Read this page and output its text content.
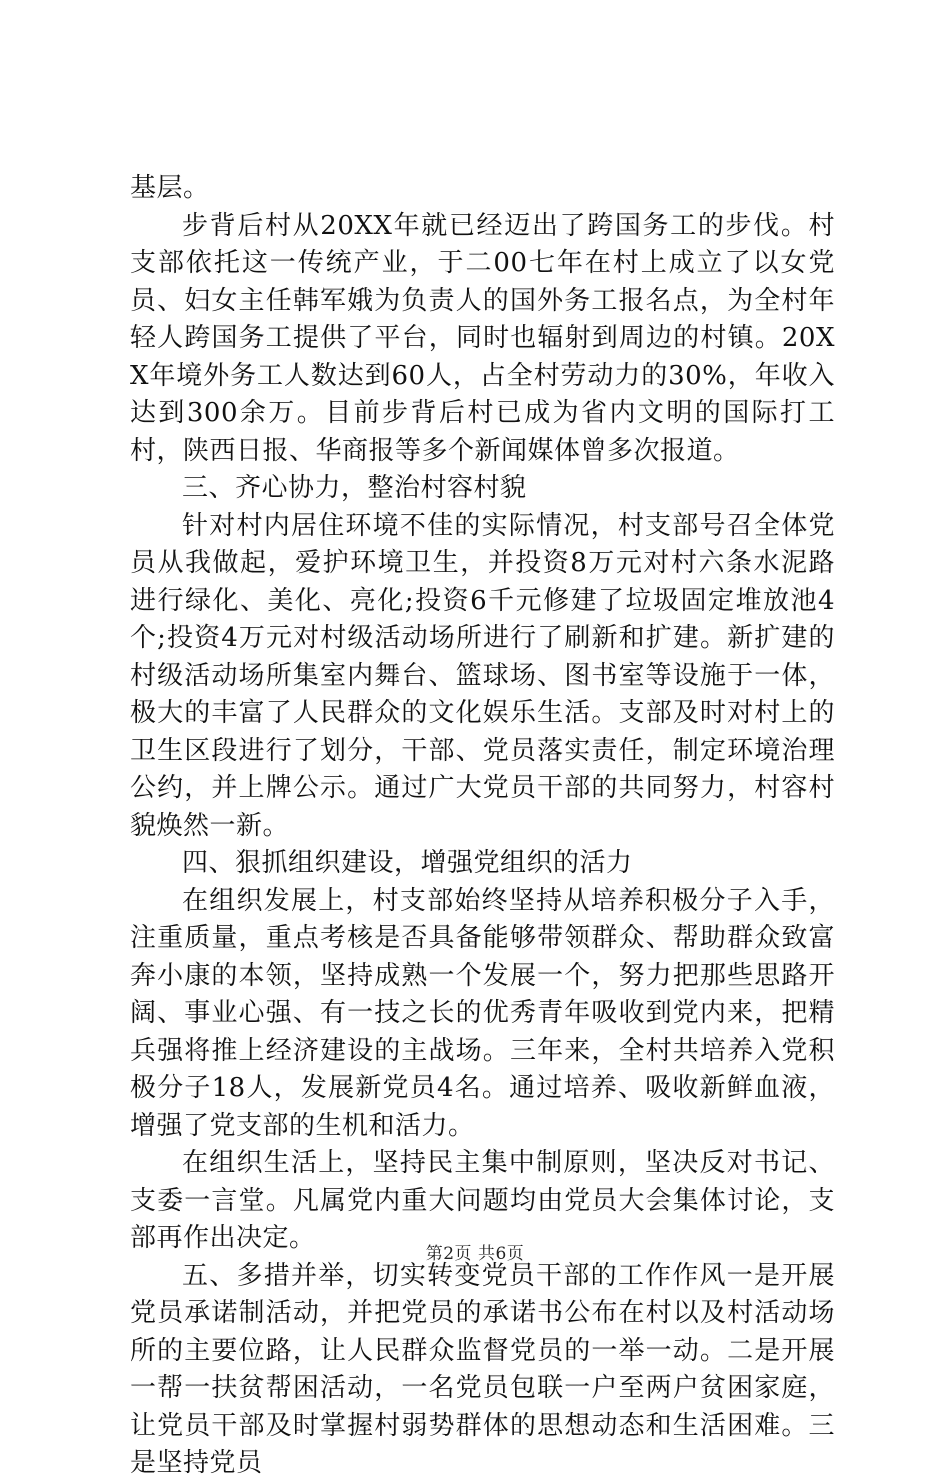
基层。

步背后村从20XX年就已经迈出了跨国务工的步伐。村支部依托这一传统产业，于二00七年在村上成立了以女党员、妇女主任韩军娥为负责人的国外务工报名点，为全村年轻人跨国务工提供了平台，同时也辐射到周边的村镇。20XX年境外务工人数达到60人，占全村劳动力的30%，年收入达到300余万。目前步背后村已成为省内文明的国际打工村，陕西日报、华商报等多个新闻媒体曾多次报道。

三、齐心协力，整治村容村貌

针对村内居住环境不佳的实际情况，村支部号召全体党员从我做起，爱护环境卫生，并投资8万元对村六条水泥路进行绿化、美化、亮化;投资6千元修建了垃圾固定堆放池4个;投资4万元对村级活动场所进行了刷新和扩建。新扩建的村级活动场所集室内舞台、篮球场、图书室等设施于一体，极大的丰富了人民群众的文化娱乐生活。支部及时对村上的卫生区段进行了划分，干部、党员落实责任，制定环境治理公约，并上牌公示。通过广大党员干部的共同努力，村容村貌焕然一新。

四、狠抓组织建设，增强党组织的活力

在组织发展上，村支部始终坚持从培养积极分子入手，注重质量，重点考核是否具备能够带领群众、帮助群众致富奔小康的本领，坚持成熟一个发展一个，努力把那些思路开阔、事业心强、有一技之长的优秀青年吸收到党内来，把精兵强将推上经济建设的主战场。三年来，全村共培养入党积极分子18人，发展新党员4名。通过培养、吸收新鲜血液，增强了党支部的生机和活力。

在组织生活上，坚持民主集中制原则，坚决反对书记、支委一言堂。凡属党内重大问题均由党员大会集体讨论，支部再作出决定。

五、多措并举，切实转变党员干部的工作作风一是开展党员承诺制活动，并把党员的承诺书公布在村以及村活动场所的主要位路，让人民群众监督党员的一举一动。二是开展一帮一扶贫帮困活动，一名党员包联一户至两户贫困家庭，让党员干部及时掌握村弱势群体的思想动态和生活困难。三是坚持党员

第2页 共6页
